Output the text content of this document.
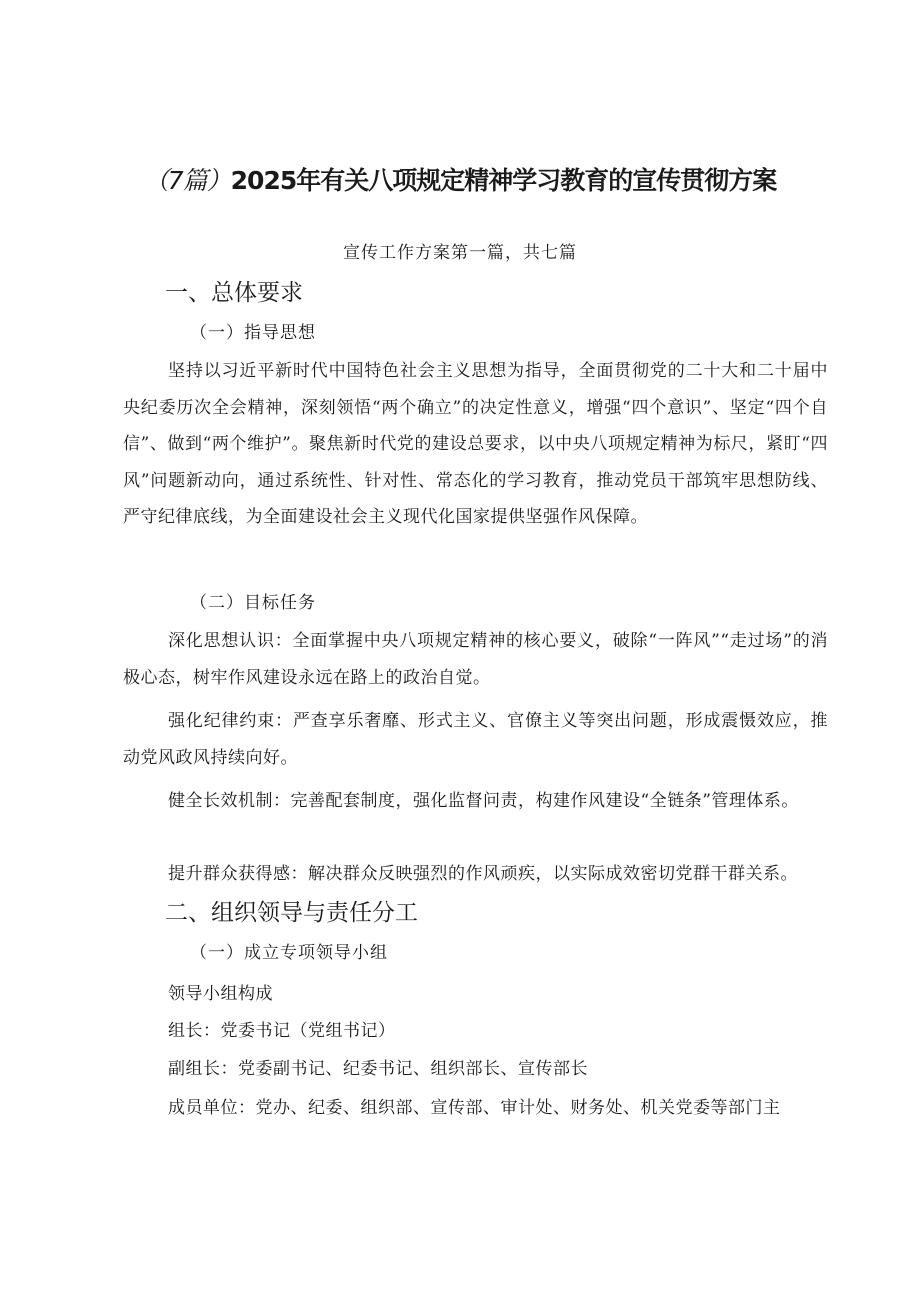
（7篇）2025年有关八项规定精神学习教育的宣传贯彻方案
宣传工作方案第一篇，共七篇
一、总体要求
（一）指导思想
坚持以习近平新时代中国特色社会主义思想为指导，全面贯彻党的二十大和二十届中央纪委历次全会精神，深刻领悟“两个确立”的决定性意义，增强“四个意识”、坚定“四个自信”、做到“两个维护”。聚焦新时代党的建设总要求，以中央八项规定精神为标尺，紧盯“四风”问题新动向，通过系统性、针对性、常态化的学习教育，推动党员干部筑牢思想防线、严守纪律底线，为全面建设社会主义现代化国家提供坚强作风保障。
（二）目标任务
深化思想认识：全面掌握中央八项规定精神的核心要义，破除“一阵风”“走过场”的消极心态，树牢作风建设永远在路上的政治自觉。
强化纪律约束：严查享乐奢靡、形式主义、官僚主义等突出问题，形成震慑效应，推动党风政风持续向好。
健全长效机制：完善配套制度，强化监督问责，构建作风建设“全链条”管理体系。
提升群众获得感：解决群众反映强烈的作风顽疾，以实际成效密切党群干群关系。
二、组织领导与责任分工
（一）成立专项领导小组
领导小组构成
组长：党委书记（党组书记）
副组长：党委副书记、纪委书记、组织部长、宣传部长
成员单位：党办、纪委、组织部、宣传部、审计处、财务处、机关党委等部门主
